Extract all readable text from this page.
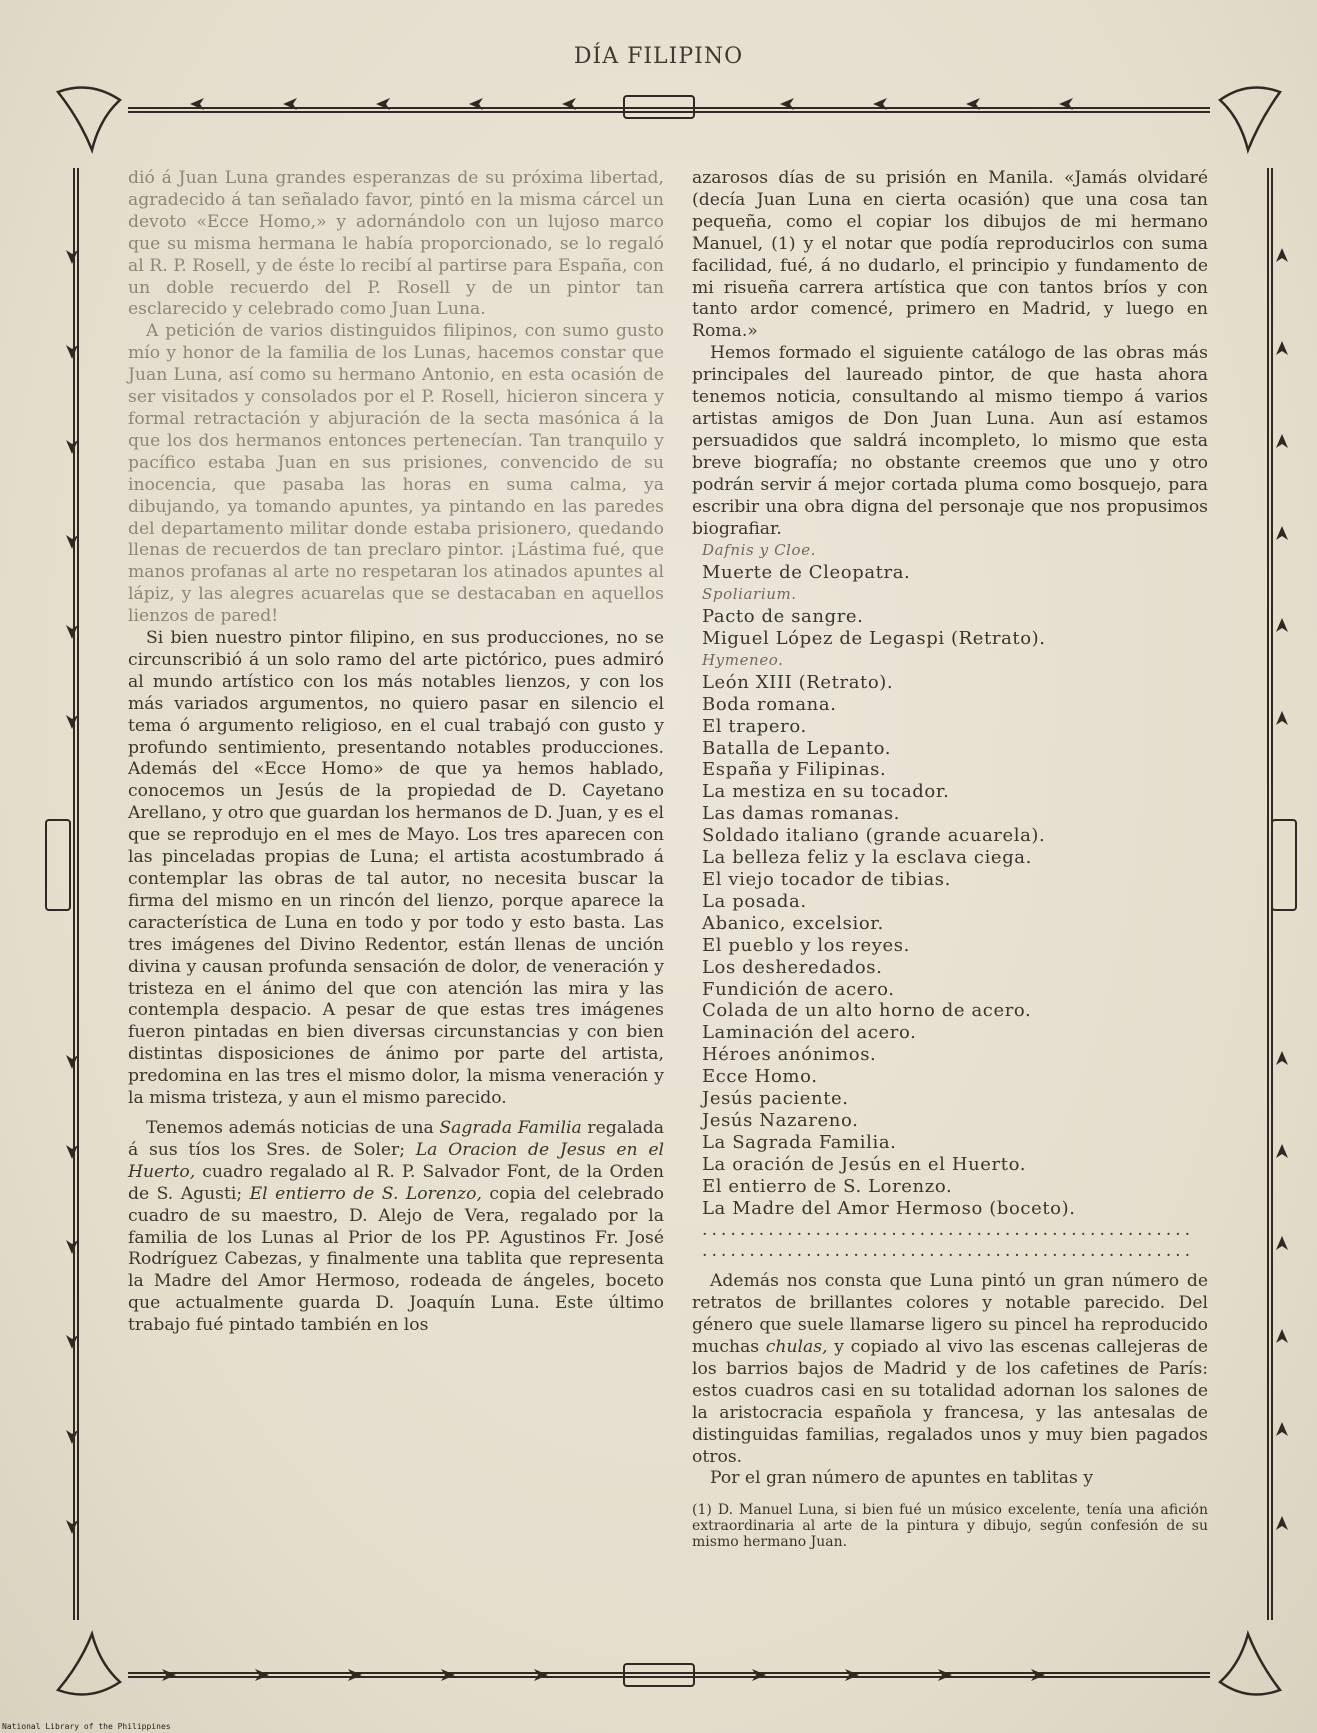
DÍA FILIPINO

dió á Juan Luna grandes esperanzas de su próxima libertad, agradecido á tan señalado favor, pintó en la misma cárcel un devoto «Ecce Homo,» y adornándolo con un lujoso marco que su misma hermana le había proporcionado, se lo regaló al R. P. Rosell, y de éste lo recibí al partirse para España, con un doble recuerdo del P. Rosell y de un pintor tan esclarecido y celebrado como Juan Luna.

A petición de varios distinguidos filipinos, con sumo gusto mío y honor de la familia de los Lunas, hacemos constar que Juan Luna, así como su hermano Antonio, en esta ocasión de ser visitados y consolados por el P. Rosell, hicieron sincera y formal retractación y abjuración de la secta masónica á la que los dos hermanos entonces pertenecían. Tan tranquilo y pacífico estaba Juan en sus prisiones, convencido de su inocencia, que pasaba las horas en suma calma, ya dibujando, ya tomando apuntes, ya pintando en las paredes del departamento militar donde estaba prisionero, quedando llenas de recuerdos de tan preclaro pintor. ¡Lástima fué, que manos profanas al arte no respetaran los atinados apuntes al lápiz, y las alegres acuarelas que se destacaban en aquellos lienzos de pared!

Si bien nuestro pintor filipino, en sus producciones, no se circunscribió á un solo ramo del arte pictórico, pues admiró al mundo artístico con los más notables lienzos, y con los más variados argumentos, no quiero pasar en silencio el tema ó argumento religioso, en el cual trabajó con gusto y profundo sentimiento, presentando notables producciones. Además del «Ecce Homo» de que ya hemos hablado, conocemos un Jesús de la propiedad de D. Cayetano Arellano, y otro que guardan los hermanos de D. Juan, y es el que se reprodujo en el mes de Mayo. Los tres aparecen con las pinceladas propias de Luna; el artista acostumbrado á contemplar las obras de tal autor, no necesita buscar la firma del mismo en un rincón del lienzo, porque aparece la característica de Luna en todo y por todo y esto basta. Las tres imágenes del Divino Redentor, están llenas de unción divina y causan profunda sensación de dolor, de veneración y tristeza en el ánimo del que con atención las mira y las contempla despacio. A pesar de que estas tres imágenes fueron pintadas en bien diversas circunstancias y con bien distintas disposiciones de ánimo por parte del artista, predomina en las tres el mismo dolor, la misma veneración y la misma tristeza, y aun el mismo parecido.

Tenemos además noticias de una Sagrada Familia regalada á sus tíos los Sres. de Soler; La Oracion de Jesus en el Huerto, cuadro regalado al R. P. Salvador Font, de la Orden de S. Agusti; El entierro de S. Lorenzo, copia del celebrado cuadro de su maestro, D. Alejo de Vera, regalado por la familia de los Lunas al Prior de los PP. Agustinos Fr. José Rodríguez Cabezas, y finalmente una tablita que representa la Madre del Amor Hermoso, rodeada de ángeles, boceto que actualmente guarda D. Joaquín Luna. Este último trabajo fué pintado también en los

azarosos días de su prisión en Manila. «Jamás olvidaré (decía Juan Luna en cierta ocasión) que una cosa tan pequeña, como el copiar los dibujos de mi hermano Manuel, (1) y el notar que podía reproducirlos con suma facilidad, fué, á no dudarlo, el principio y fundamento de mi risueña carrera artística que con tantos bríos y con tanto ardor comencé, primero en Madrid, y luego en Roma.»

Hemos formado el siguiente catálogo de las obras más principales del laureado pintor, de que hasta ahora tenemos noticia, consultando al mismo tiempo á varios artistas amigos de Don Juan Luna. Aun así estamos persuadidos que saldrá incompleto, lo mismo que esta breve biografía; no obstante creemos que uno y otro podrán servir á mejor cortada pluma como bosquejo, para escribir una obra digna del personaje que nos propusimos biografiar.

Dafnis y Cloe.
Muerte de Cleopatra.
Spoliarium.
Pacto de sangre.
Miguel López de Legaspi (Retrato).
Hymeneo.
León XIII (Retrato).
Boda romana.
El trapero.
Batalla de Lepanto.
España y Filipinas.
La mestiza en su tocador.
Las damas romanas.
Soldado italiano (grande acuarela).
La belleza feliz y la esclava ciega.
El viejo tocador de tibias.
La posada.
Abanico, excelsior.
El pueblo y los reyes.
Los desheredados.
Fundición de acero.
Colada de un alto horno de acero.
Laminación del acero.
Héroes anónimos.
Ecce Homo.
Jesús paciente.
Jesús Nazareno.
La Sagrada Familia.
La oración de Jesús en el Huerto.
El entierro de S. Lorenzo.
La Madre del Amor Hermoso (boceto).
....................................................
....................................................

Además nos consta que Luna pintó un gran número de retratos de brillantes colores y notable parecido. Del género que suele llamarse ligero su pincel ha reproducido muchas chulas, y copiado al vivo las escenas callejeras de los barrios bajos de Madrid y de los cafetines de París: estos cuadros casi en su totalidad adornan los salones de la aristocracia española y francesa, y las antesalas de distinguidas familias, regalados unos y muy bien pagados otros.

Por el gran número de apuntes en tablitas y

(1) D. Manuel Luna, si bien fué un músico excelente, tenía una afición extraordinaria al arte de la pintura y dibujo, según confesión de su mismo hermano Juan.
National Library of the Philippines
